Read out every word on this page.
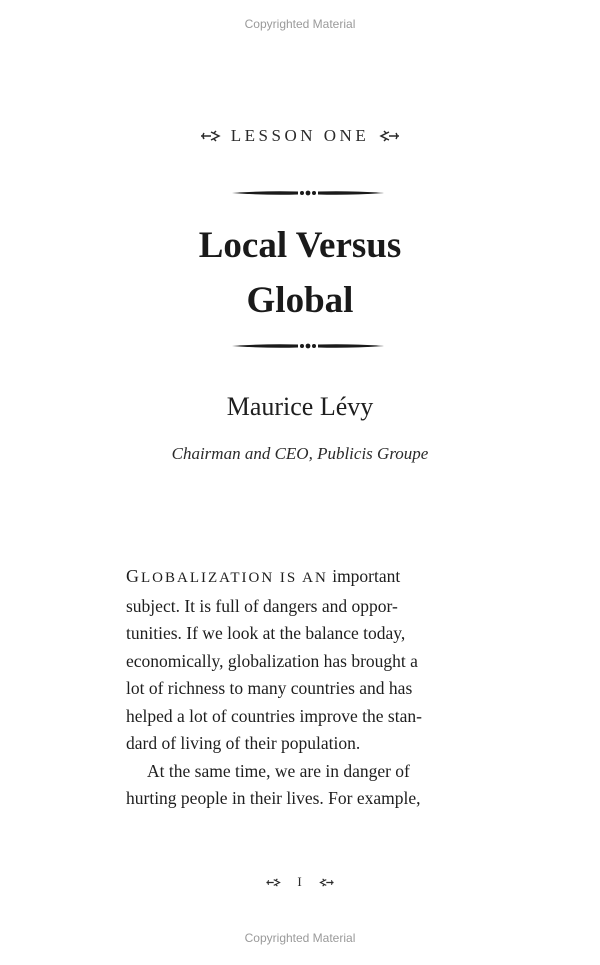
Copyrighted Material
LESSON ONE
Local Versus
Global
Maurice Lévy
Chairman and CEO, Publicis Groupe
GLOBALIZATION IS AN important
subject. It is full of dangers and oppor-
tunities. If we look at the balance today,
economically, globalization has brought a
lot of richness to many countries and has
helped a lot of countries improve the stan-
dard of living of their population.
At the same time, we are in danger of
hurting people in their lives. For example,
I
Copyrighted Material
